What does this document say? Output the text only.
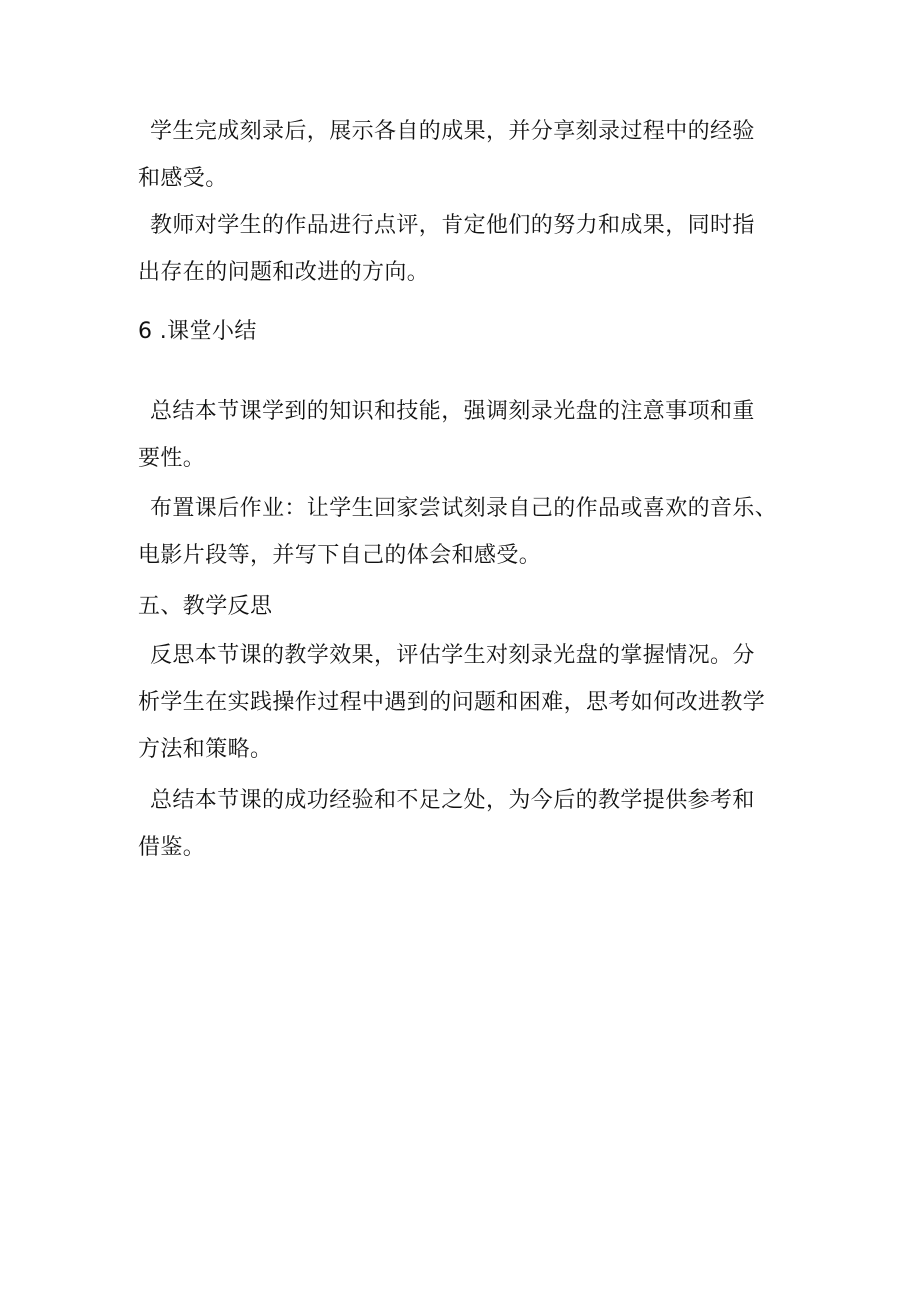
学生完成刻录后，展示各自的成果，并分享刻录过程中的经验
和感受。
教师对学生的作品进行点评，肯定他们的努力和成果，同时指
出存在的问题和改进的方向。
6 .课堂小结
总结本节课学到的知识和技能，强调刻录光盘的注意事项和重
要性。
布置课后作业：让学生回家尝试刻录自己的作品或喜欢的音乐、
电影片段等，并写下自己的体会和感受。
五、教学反思
反思本节课的教学效果，评估学生对刻录光盘的掌握情况。分
析学生在实践操作过程中遇到的问题和困难，思考如何改进教学
方法和策略。
总结本节课的成功经验和不足之处，为今后的教学提供参考和
借鉴。
